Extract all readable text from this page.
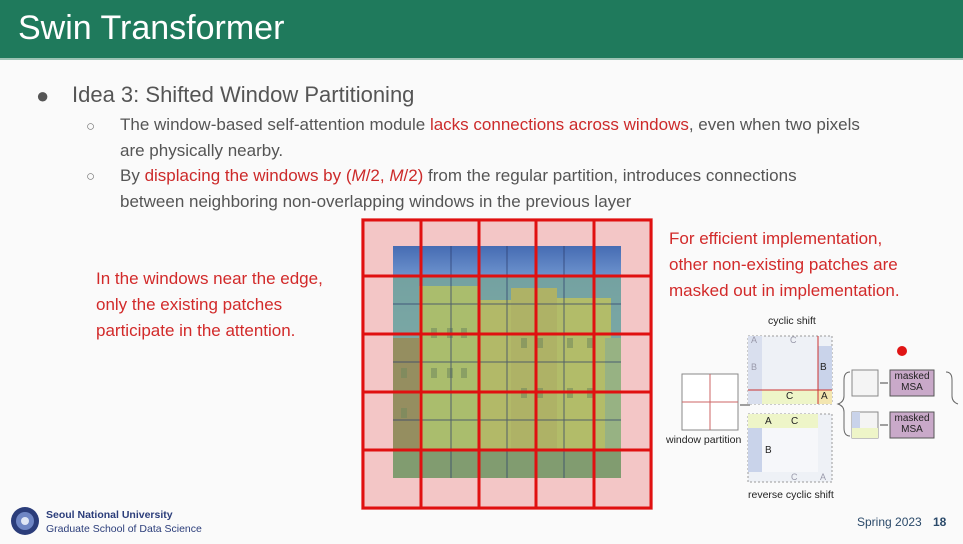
Swin Transformer
● Idea 3: Shifted Window Partitioning
○ The window-based self-attention module lacks connections across windows, even when two pixels
are physically nearby.
○ By displacing the windows by (M/2, M/2) from the regular partition, introduces connections
between neighboring non-overlapping windows in the previous layer
In the windows near the edge,
only the existing patches
participate in the attention.
For efficient implementation,
other non-existing patches are
masked out in implementation.
cyclic shift
window partition
reverse cyclic shift
A	C
B	B
C	A
A C
B
C	A
masked
MSA
masked
MSA
Seoul National University
Graduate School of Data Science	Spring 2023 18
